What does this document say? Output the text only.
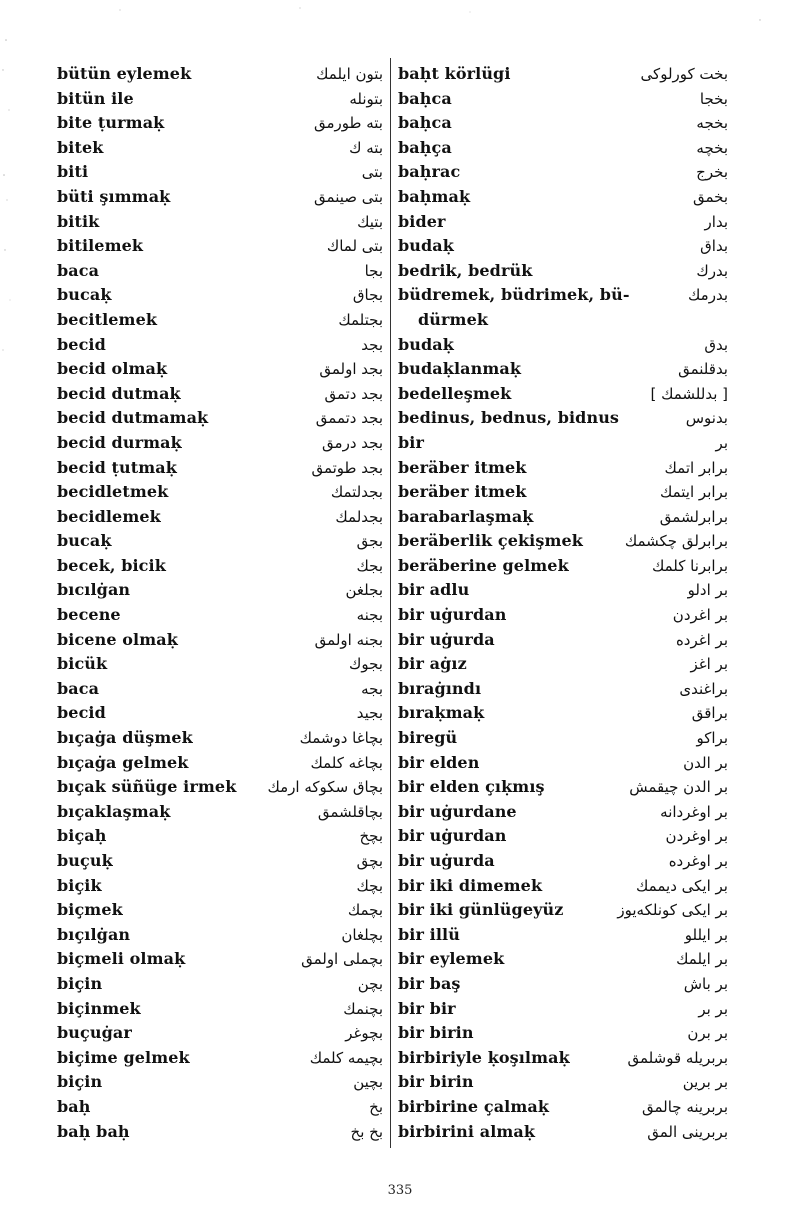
bütün eylemek	بتون ايلمك
bitün ile	بتونله
bite ṭurmaḳ	بته طورمق
bitek	بته ك
biti	بتى
büti şımmaḳ	بتى صينمق
bitik	بتيك
bitilemek	بتى لماك
baca	بجا
bucaḳ	بجاق
becitlemek	بجتلمك
becid	بجد
becid olmaḳ	بجد اولمق
becid dutmaḳ	بجد دتمق
becid dutmamaḳ	بجد دتممق
becid durmaḳ	بجد درمق
becid ṭutmaḳ	بجد طوتمق
becidletmek	بجدلتمك
becidlemek	بجدلمك
bucaḳ	بجق
becek, bicik	بجك
bıcılġan	بجلغن
becene	بجنه
bicene olmaḳ	بجنه اولمق
bicük	بجوك
baca	بجه
becid	بجيد
bıçaġa düşmek	بچاغا دوشمك
bıçaġa gelmek	بچاغه كلمك
bıçak süñüge irmek بچاق سكوكه ارمك
bıçaklaşmaḳ	بچاقلشمق
biçaḥ	بچخ
buçuḳ	بچق
biçik	بچك
biçmek	بچمك
bıçılġan	بچلغان
biçmeli olmaḳ	بچملى اولمق
biçin	بچن
biçinmek	بچنمك
buçuġar	بچوغر
biçime gelmek	بچيمه كلمك
biçin	بچين
baḥ	بخ
baḥ baḥ	بخ بخ
baḥt körlügi	بخت كورلوكى
baḥca	بخجا
baḥca	بخجه
baḥça	بخچه
baḥrac	بخرج
baḥmaḳ	بخمق
bider	بدار
budaḳ	بداق
bedrik, bedrük	بدرك
büdremek, büdrimek, bü-	بدرمك
dürmek
budaḳ	بدق
budaḳlanmaḳ	بدقلنمق
bedelleşmek	[ بدللشمك ]
bedinus, bednus, bidnus	بدنوس
bir	بر
beräber itmek	برابر اتمك
beräber itmek	برابر ايتمك
barabarlaşmaḳ	برابرلشمق
beräberlik çekişmek	برابرلق چكشمك
beräberine gelmek	برابرنا كلمك
bir adlu	بر ادلو
bir uġurdan	بر اغردن
bir uġurda	بر اغرده
bir aġız	بر اغز
bıraġındı	براغندى
bıraḳmaḳ	براقق
biregü	براكو
bir elden	بر الدن
bir elden çıḳmış	بر الدن چيقمش
bir uġurdane	بر اوغردانه
bir uġurdan	بر اوغردن
bir uġurda	بر اوغرده
bir iki dimemek	بر ايكى ديممك
bir iki günlügeyüz	بر ايكى كونلكه‌يوز
bir illü	بر ايللو
bir eylemek	بر ايلمك
bir baş	بر باش
bir bir	بر بر
bir birin	بر برن
birbiriyle ḳoşılmaḳ	بربريله قوشلمق
bir birin	بر برين
birbirine çalmaḳ	بربرينه چالمق
birbirini almaḳ	بربرينى المق
335
